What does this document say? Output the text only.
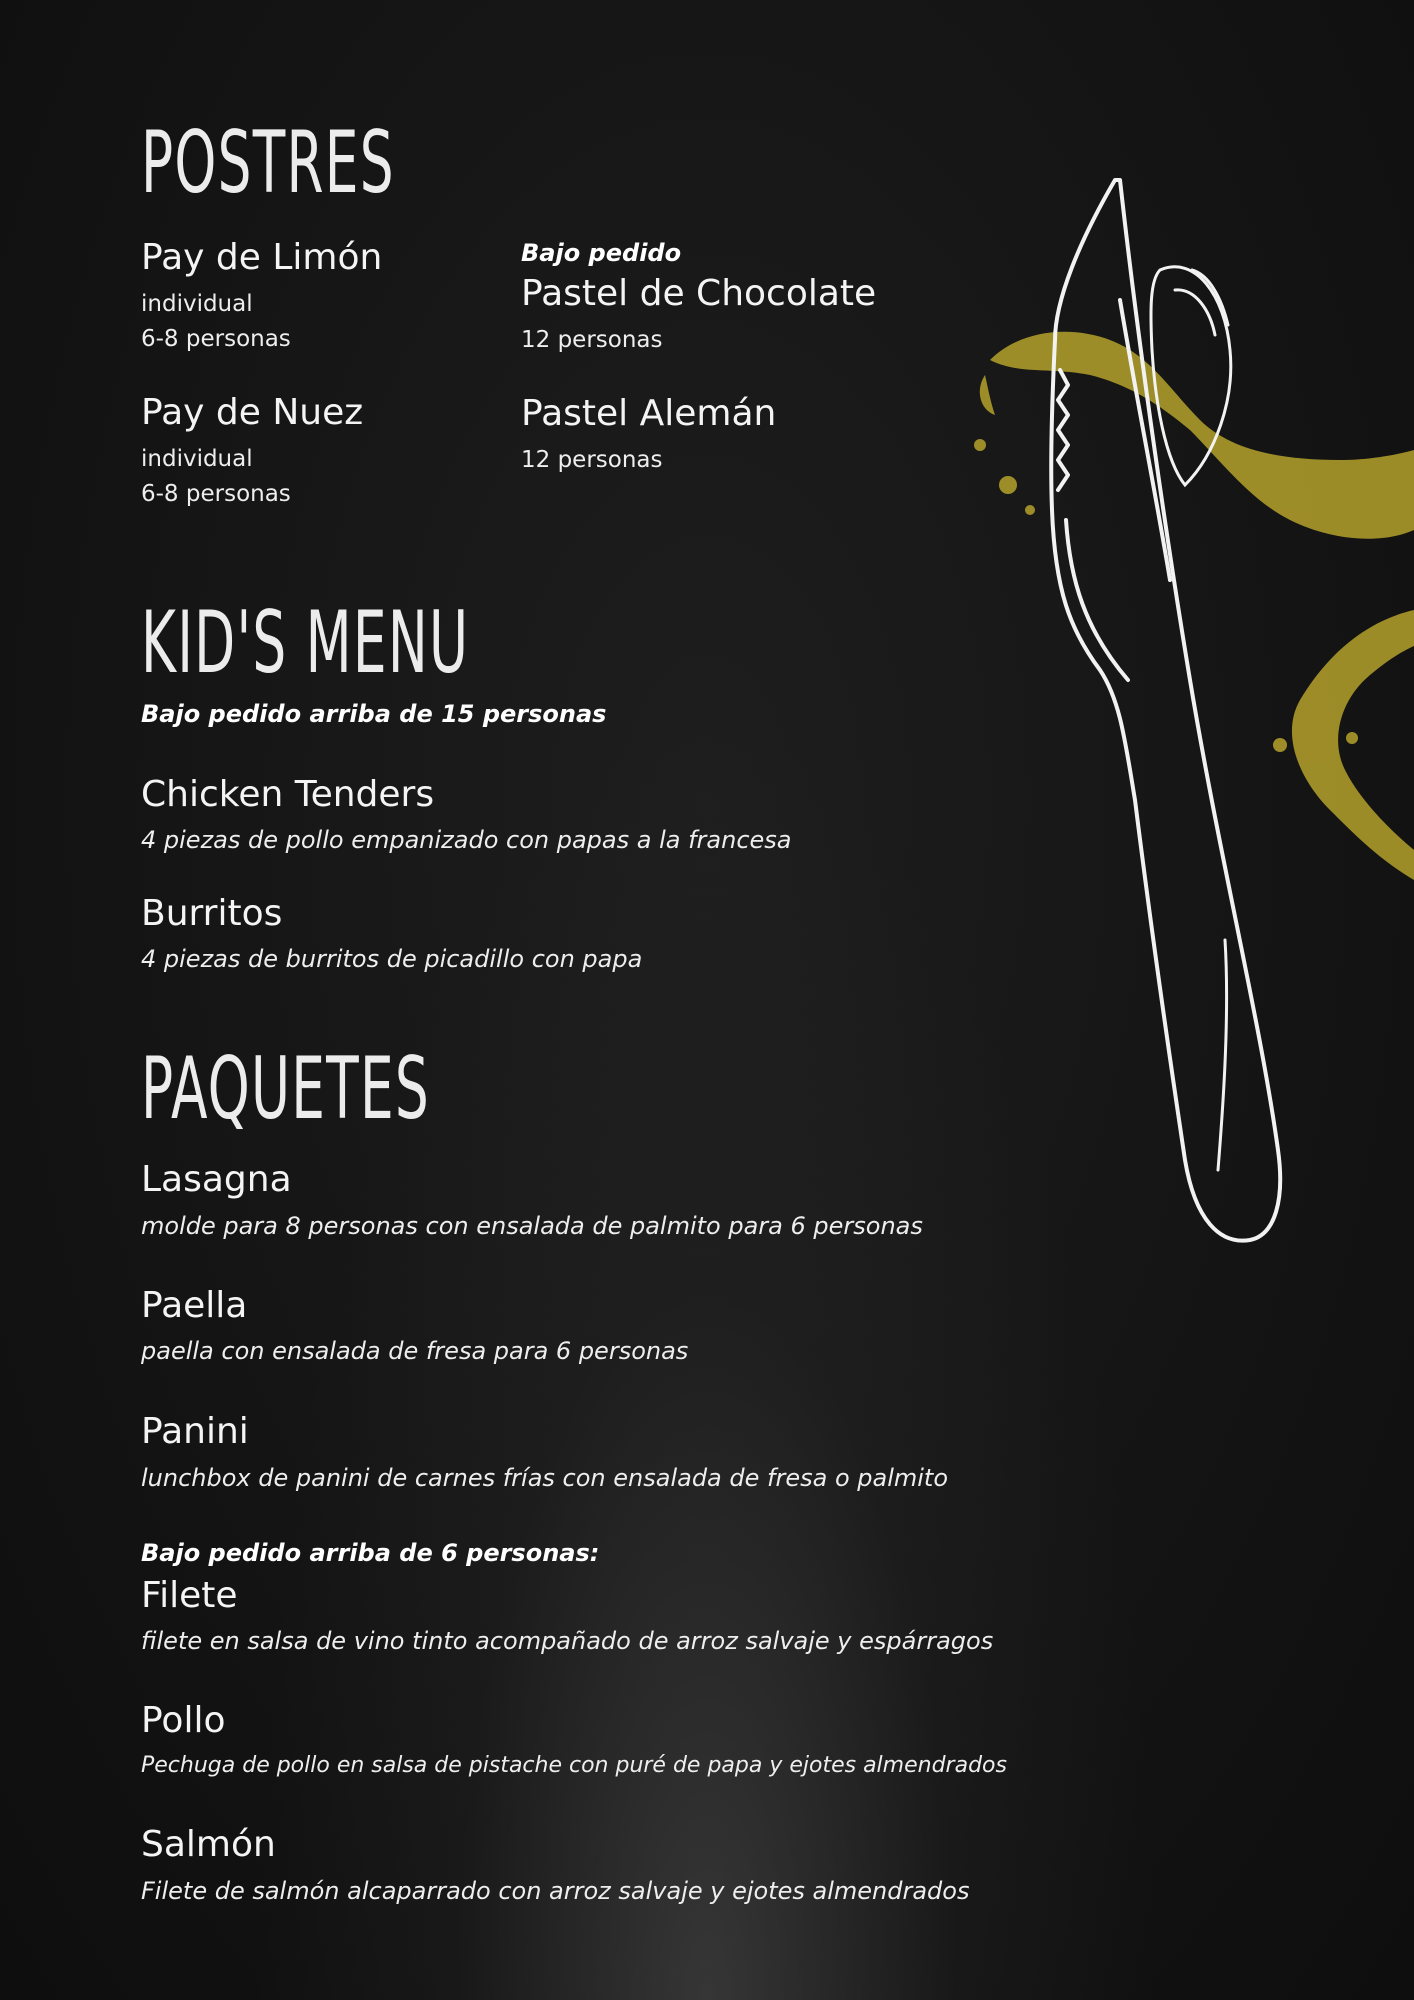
POSTRES
Pay de Limón

individual

6-8 personas

Pay de Nuez

individual

6-8 personas

Bajo pedido

Pastel de Chocolate

12 personas

Pastel Alemán

12 personas

KID'S MENU

Bajo pedido arriba de 15 personas

Chicken Tenders

4 piezas de pollo empanizado con papas a la francesa

Burritos

4 piezas de burritos de picadillo con papa

PAQUETES
Lasagna

molde para 8 personas con ensalada de palmito para 6 personas

Paella

paella con ensalada de fresa para 6 personas

Panini

lunchbox de panini de carnes frías con ensalada de fresa o palmito

Bajo pedido arriba de 6 personas:

Filete

filete en salsa de vino tinto acompañado de arroz salvaje y espárragos

Pollo

Pechuga de pollo en salsa de pistache con puré de papa y ejotes almendrados

Salmón

Filete de salmón alcaparrado con arroz salvaje y ejotes almendrados
